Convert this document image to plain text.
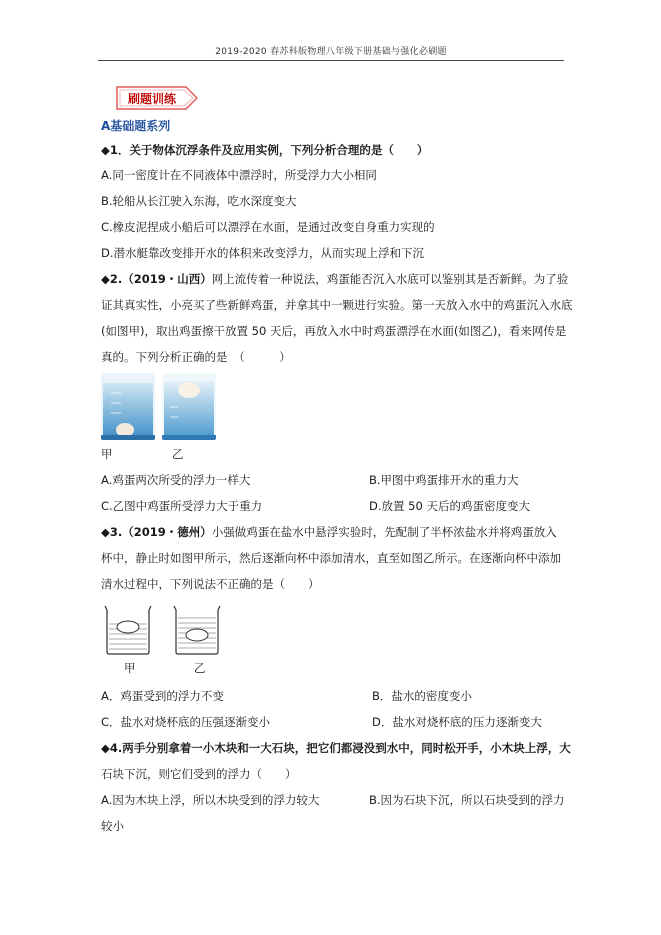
2019-2020 春苏科版物理八年级下册基础与强化必刷题
刷题训练
A基础题系列
◆1．关于物体沉浮条件及应用实例，下列分析合理的是（　　）
A.同一密度计在不同液体中漂浮时，所受浮力大小相同
B.轮船从长江驶入东海，吃水深度变大
C.橡皮泥捏成小船后可以漂浮在水面，是通过改变自身重力实现的
D.潜水艇靠改变排开水的体积来改变浮力，从而实现上浮和下沉
◆2.（2019・山西）网上流传着一种说法，鸡蛋能否沉入水底可以鉴别其是否新鲜。为了验
证其真实性，小亮买了些新鲜鸡蛋，并拿其中一颗进行实验。第一天放入水中的鸡蛋沉入水底
(如图甲)，取出鸡蛋擦干放置 50 天后，再放入水中时鸡蛋漂浮在水面(如图乙)，看来网传是
真的。下列分析正确的是　（　　　）
甲	乙
A.鸡蛋两次所受的浮力一样大	B.甲图中鸡蛋排开水的重力大
C.乙图中鸡蛋所受浮力大于重力	D.放置 50 天后的鸡蛋密度变大
◆3.（2019・德州）小强做鸡蛋在盐水中悬浮实验时，先配制了半杯浓盐水并将鸡蛋放入
杯中，静止时如图甲所示，然后逐渐向杯中添加清水，直至如图乙所示。在逐渐向杯中添加
清水过程中，下列说法不正确的是（　　）
甲	乙
A．鸡蛋受到的浮力不变	B．盐水的密度变小
C．盐水对烧杯底的压强逐渐变小	D．盐水对烧杯底的压力逐渐变大
◆4.两手分别拿着一小木块和一大石块，把它们都浸没到水中，同时松开手，小木块上浮，大
石块下沉，则它们受到的浮力（　　）
A.因为木块上浮，所以木块受到的浮力较大	B.因为石块下沉，所以石块受到的浮力
较小
